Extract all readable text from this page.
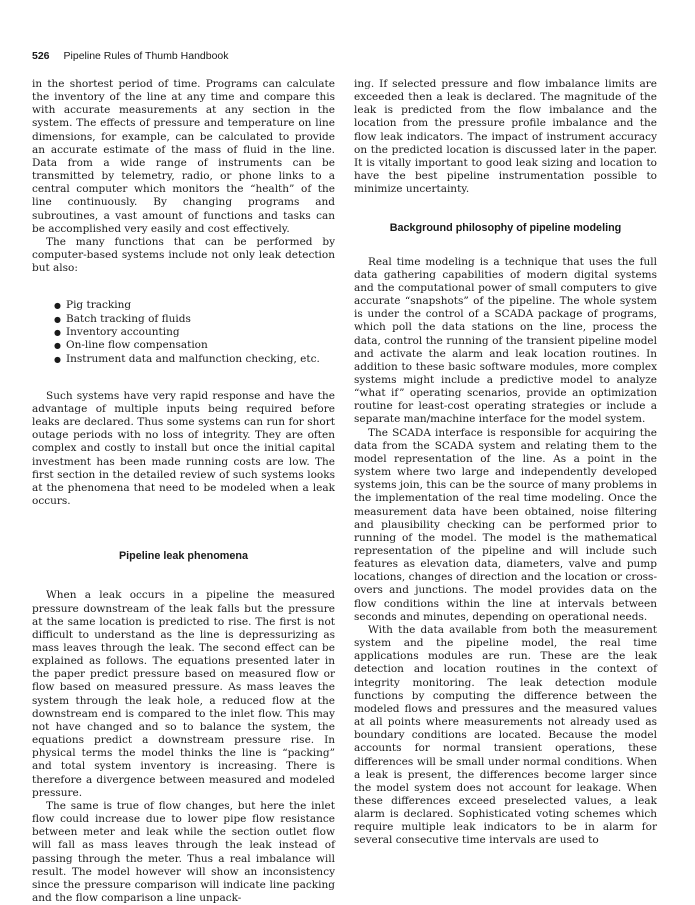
526 Pipeline Rules of Thumb Handbook

in the shortest period of time. Programs can calculate the inventory of the line at any time and compare this with accurate measurements at any section in the system. The effects of pressure and temperature on line dimensions, for example, can be calculated to provide an accurate estimate of the mass of fluid in the line. Data from a wide range of instruments can be transmitted by telemetry, radio, or phone links to a central computer which monitors the “health” of the line continuously. By changing programs and subroutines, a vast amount of functions and tasks can be accomplished very easily and cost effectively.

The many functions that can be performed by computer-based systems include not only leak detection but also:

● Pig tracking
● Batch tracking of fluids
● Inventory accounting
● On-line flow compensation
● Instrument data and malfunction checking, etc.

Such systems have very rapid response and have the advantage of multiple inputs being required before leaks are declared. Thus some systems can run for short outage periods with no loss of integrity. They are often complex and costly to install but once the initial capital investment has been made running costs are low. The first section in the detailed review of such systems looks at the phenomena that need to be modeled when a leak occurs.

Pipeline leak phenomena

When a leak occurs in a pipeline the measured pressure downstream of the leak falls but the pressure at the same location is predicted to rise. The first is not difficult to understand as the line is depressurizing as mass leaves through the leak. The second effect can be explained as follows. The equations presented later in the paper predict pressure based on measured flow or flow based on measured pressure. As mass leaves the system through the leak hole, a reduced flow at the downstream end is compared to the inlet flow. This may not have changed and so to balance the system, the equations predict a downstream pressure rise. In physical terms the model thinks the line is “packing” and total system inventory is increasing. There is therefore a divergence between measured and modeled pressure.

The same is true of flow changes, but here the inlet flow could increase due to lower pipe flow resistance between meter and leak while the section outlet flow will fall as mass leaves through the leak instead of passing through the meter. Thus a real imbalance will result. The model however will show an inconsistency since the pressure comparison will indicate line packing and the flow comparison a line unpack-

ing. If selected pressure and flow imbalance limits are exceeded then a leak is declared. The magnitude of the leak is predicted from the flow imbalance and the location from the pressure profile imbalance and the flow leak indicators. The impact of instrument accuracy on the predicted location is discussed later in the paper. It is vitally important to good leak sizing and location to have the best pipeline instrumentation possible to minimize uncertainty.

Background philosophy of pipeline modeling

Real time modeling is a technique that uses the full data gathering capabilities of modern digital systems and the computational power of small computers to give accurate “snapshots” of the pipeline. The whole system is under the control of a SCADA package of programs, which poll the data stations on the line, process the data, control the running of the transient pipeline model and activate the alarm and leak location routines. In addition to these basic software modules, more complex systems might include a predictive model to analyze “what if” operating scenarios, provide an optimization routine for least-cost operating strategies or include a separate man/machine interface for the model system.

The SCADA interface is responsible for acquiring the data from the SCADA system and relating them to the model representation of the line. As a point in the system where two large and independently developed systems join, this can be the source of many problems in the implementation of the real time modeling. Once the measurement data have been obtained, noise filtering and plausibility checking can be performed prior to running of the model. The model is the mathematical representation of the pipeline and will include such features as elevation data, diameters, valve and pump locations, changes of direction and the location or cross-overs and junctions. The model provides data on the flow conditions within the line at intervals between seconds and minutes, depending on operational needs.

With the data available from both the measurement system and the pipeline model, the real time applications modules are run. These are the leak detection and location routines in the context of integrity monitoring. The leak detection module functions by computing the difference between the modeled flows and pressures and the measured values at all points where measurements not already used as boundary conditions are located. Because the model accounts for normal transient operations, these differences will be small under normal conditions. When a leak is present, the differences become larger since the model system does not account for leakage. When these differences exceed preselected values, a leak alarm is declared. Sophisticated voting schemes which require multiple leak indicators to be in alarm for several consecutive time intervals are used to
